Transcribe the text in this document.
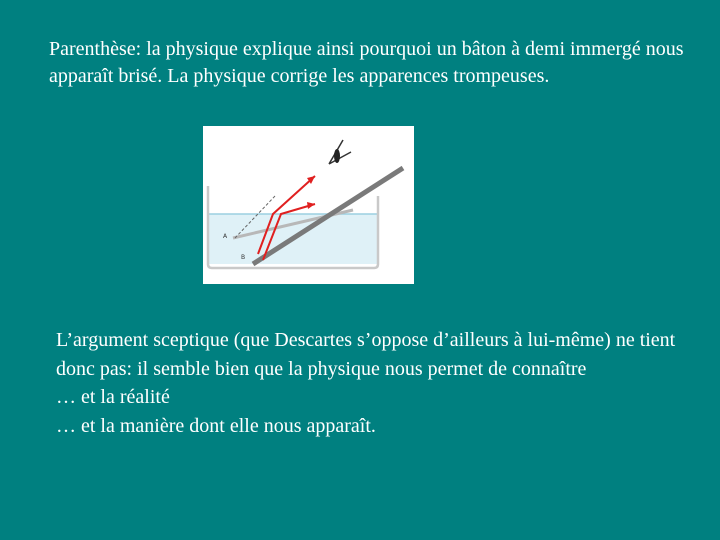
Parenthèse: la physique explique ainsi pourquoi un bâton à demi immergé nous apparaît brisé. La physique corrige les apparences trompeuses.
A
B
L’argument sceptique (que Descartes s’oppose d’ailleurs à lui-même) ne tient donc pas: il semble bien que la physique nous permet de connaître
… et la réalité
… et la manière dont elle nous apparaît.
